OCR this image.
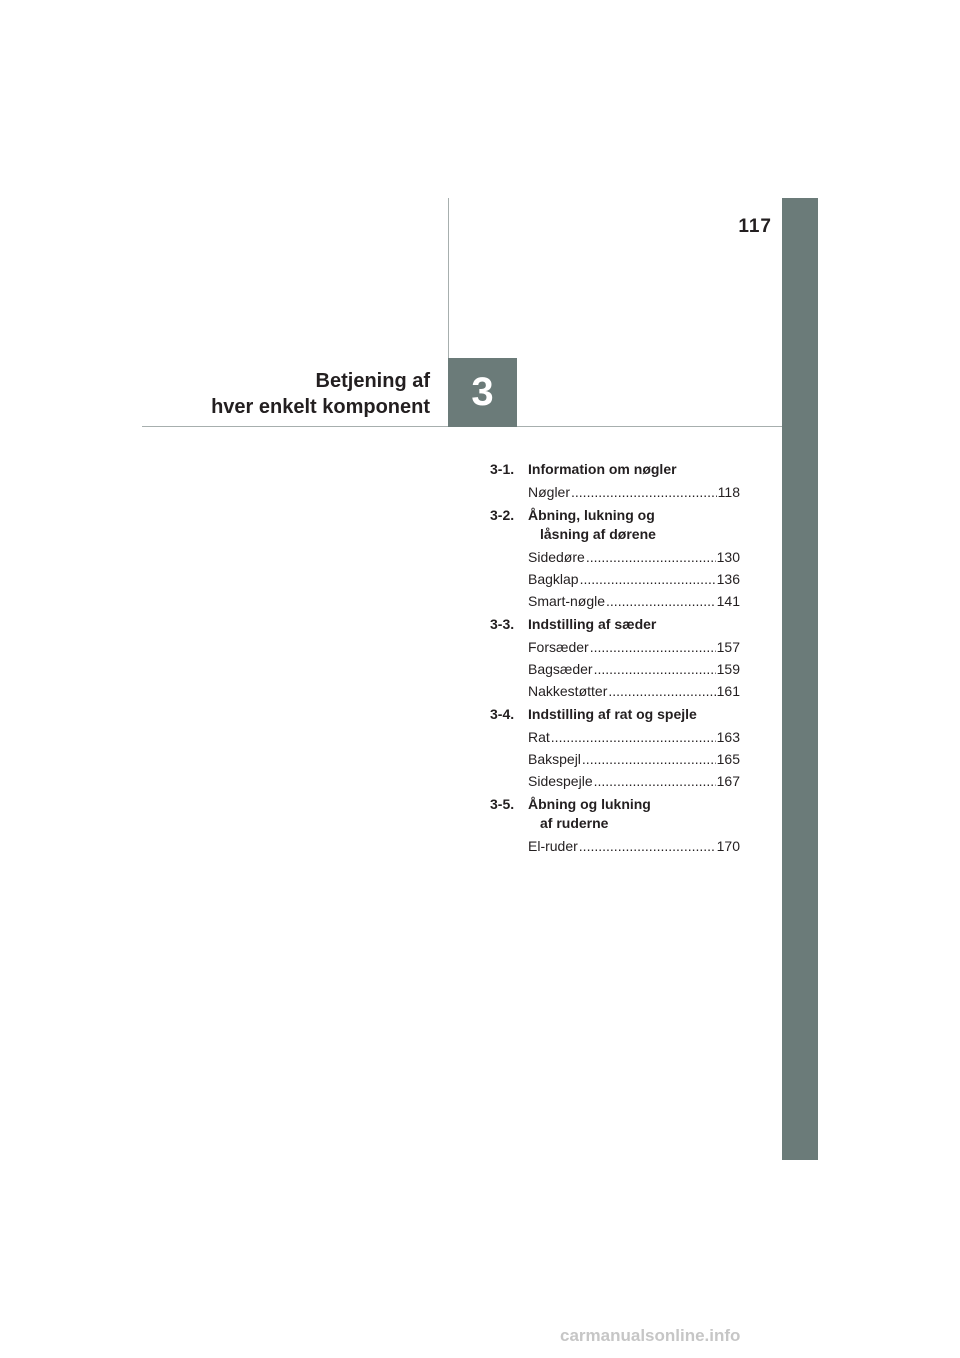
3
117
Betjening af
hver enkelt komponent
3-1. Information om nøgler
Nøgler .....	118
3-2. Åbning, lukning og
låsning af dørene
Sidedøre .....	130
Bagklap .....	136
Smart-nøgle .....	141
3-3. Indstilling af sæder
Forsæder .....	157
Bagsæder .....	159
Nakkestøtter .....	161
3-4. Indstilling af rat og spejle
Rat .....	163
Bakspejl .....	165
Sidespejle .....	167
3-5. Åbning og lukning
af ruderne
El-ruder .....	170
carmanualsonline.info
